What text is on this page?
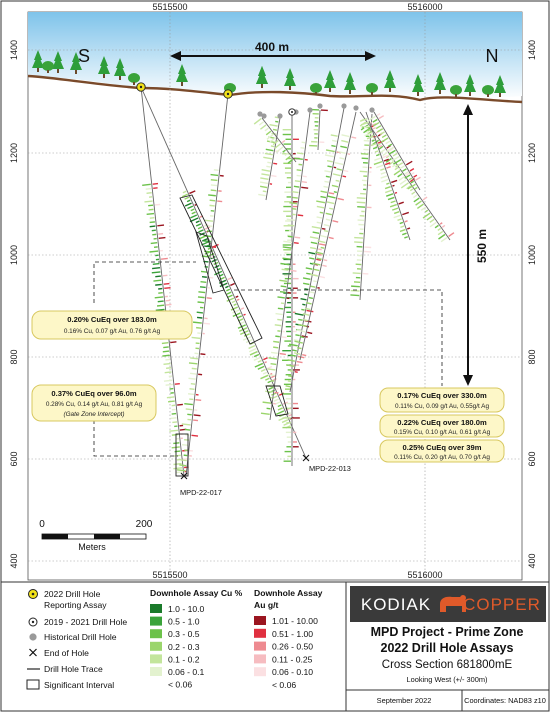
5515500	5516000
5515500	5516000
1400
1200
1000
800
600
400
1400
1200
1000
800
600
400
S	N
400 m
550 m
MPD-22-017
MPD-22-013
0.20% CuEq over 183.0m
0.16% Cu, 0.07 g/t Au, 0.76 g/t Ag
0.37% CuEq over 96.0m
0.28% Cu, 0.14 g/t Au, 0.81 g/t Ag
(Gate Zone Intercept)
0.17% CuEq over 330.0m
0.11% Cu, 0.09 g/t Au, 0.55g/t Ag
0.22% CuEq over 180.0m
0.15% Cu, 0.10 g/t Au, 0.61 g/t Ag
0.25% CuEq over 39m
0.11% Cu, 0.20 g/t Au, 0.70 g/t Ag
0	200
Meters
2022 Drill Hole
Reporting Assay
2019 - 2021 Drill Hole
Historical Drill Hole
End of Hole
Drill Hole Trace
Significant Interval
Downhole Assay Cu %
1.0 - 10.0
0.5 - 1.0
0.3 - 0.5
0.2 - 0.3
0.1 - 0.2
0.06 - 0.1
< 0.06
Downhole Assay
Au g/t
1.01 - 10.00
0.51 - 1.00
0.26 - 0.50
0.11 - 0.25
0.06 - 0.10
< 0.06
KODIAK COPPER
MPD Project - Prime Zone
2022 Drill Hole Assays
Cross Section 681800mE
Looking West (+/- 300m)
September 2022	Coordinates: NAD83 z10
